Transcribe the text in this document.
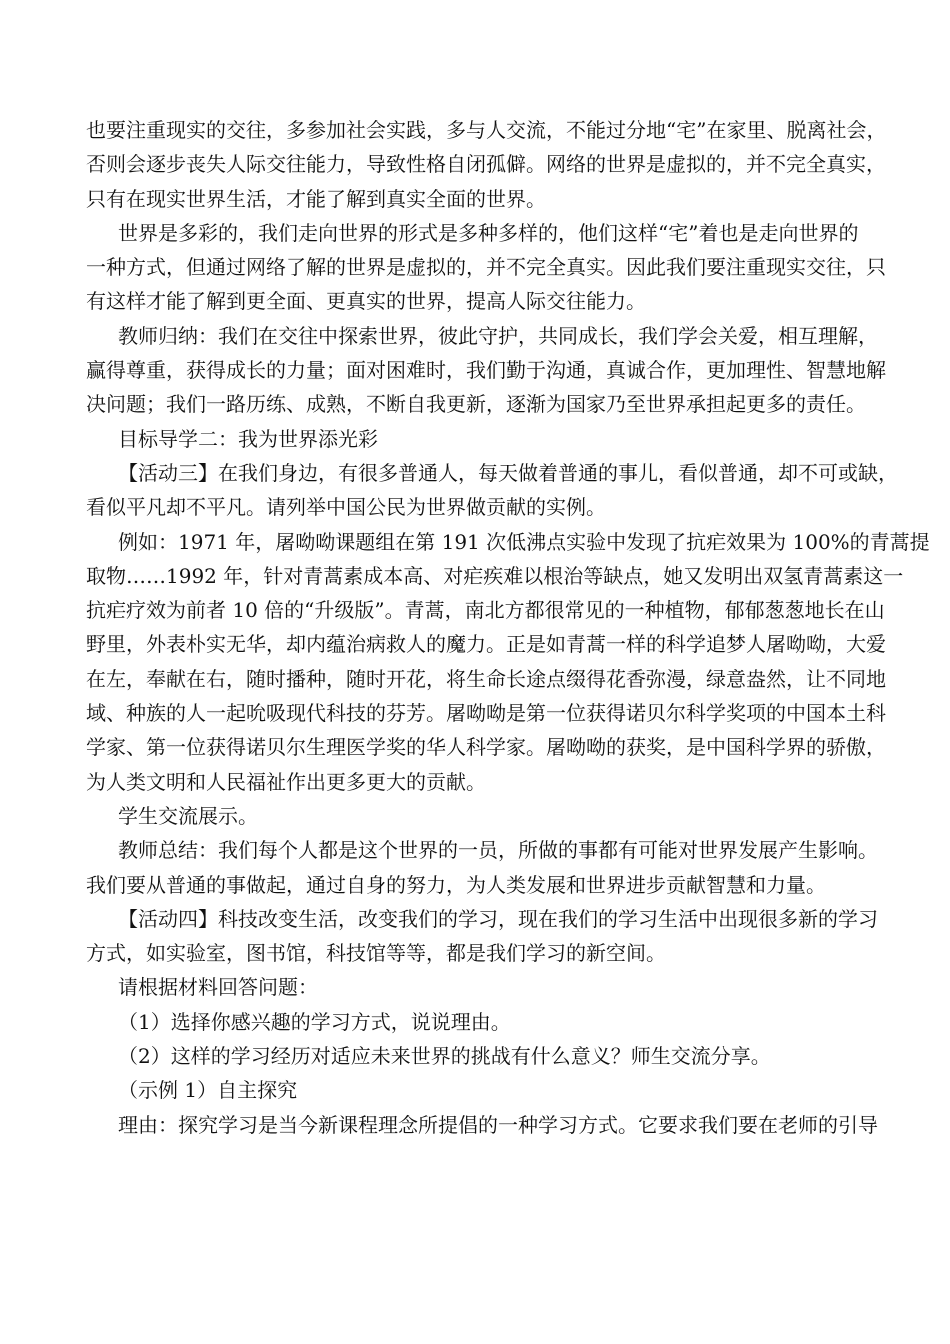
也要注重现实的交往，多参加社会实践，多与人交流，不能过分地“宅”在家里、脱离社会，
否则会逐步丧失人际交往能力，导致性格自闭孤僻。网络的世界是虚拟的，并不完全真实，
只有在现实世界生活，才能了解到真实全面的世界。
世界是多彩的，我们走向世界的形式是多种多样的，他们这样“宅”着也是走向世界的
一种方式，但通过网络了解的世界是虚拟的，并不完全真实。因此我们要注重现实交往，只
有这样才能了解到更全面、更真实的世界，提高人际交往能力。
教师归纳：我们在交往中探索世界，彼此守护，共同成长，我们学会关爱，相互理解，
赢得尊重，获得成长的力量；面对困难时，我们勤于沟通，真诚合作，更加理性、智慧地解
决问题；我们一路历练、成熟，不断自我更新，逐渐为国家乃至世界承担起更多的责任。
目标导学二：我为世界添光彩
【活动三】在我们身边，有很多普通人，每天做着普通的事儿，看似普通，却不可或缺，
看似平凡却不平凡。请列举中国公民为世界做贡献的实例。
例如：1971 年，屠呦呦课题组在第 191 次低沸点实验中发现了抗疟效果为 100%的青蒿提
取物……1992 年，针对青蒿素成本高、对疟疾难以根治等缺点，她又发明出双氢青蒿素这一
抗疟疗效为前者 10 倍的“升级版”。青蒿，南北方都很常见的一种植物，郁郁葱葱地长在山
野里，外表朴实无华，却内蕴治病救人的魔力。正是如青蒿一样的科学追梦人屠呦呦，大爱
在左，奉献在右，随时播种，随时开花，将生命长途点缀得花香弥漫，绿意盎然，让不同地
域、种族的人一起吮吸现代科技的芬芳。屠呦呦是第一位获得诺贝尔科学奖项的中国本土科
学家、第一位获得诺贝尔生理医学奖的华人科学家。屠呦呦的获奖，是中国科学界的骄傲，
为人类文明和人民福祉作出更多更大的贡献。
学生交流展示。
教师总结：我们每个人都是这个世界的一员，所做的事都有可能对世界发展产生影响。
我们要从普通的事做起，通过自身的努力，为人类发展和世界进步贡献智慧和力量。
【活动四】科技改变生活，改变我们的学习，现在我们的学习生活中出现很多新的学习
方式，如实验室，图书馆，科技馆等等，都是我们学习的新空间。
请根据材料回答问题：
（1）选择你感兴趣的学习方式，说说理由。
（2）这样的学习经历对适应未来世界的挑战有什么意义？师生交流分享。
（示例 1）自主探究
理由：探究学习是当今新课程理念所提倡的一种学习方式。它要求我们要在老师的引导
